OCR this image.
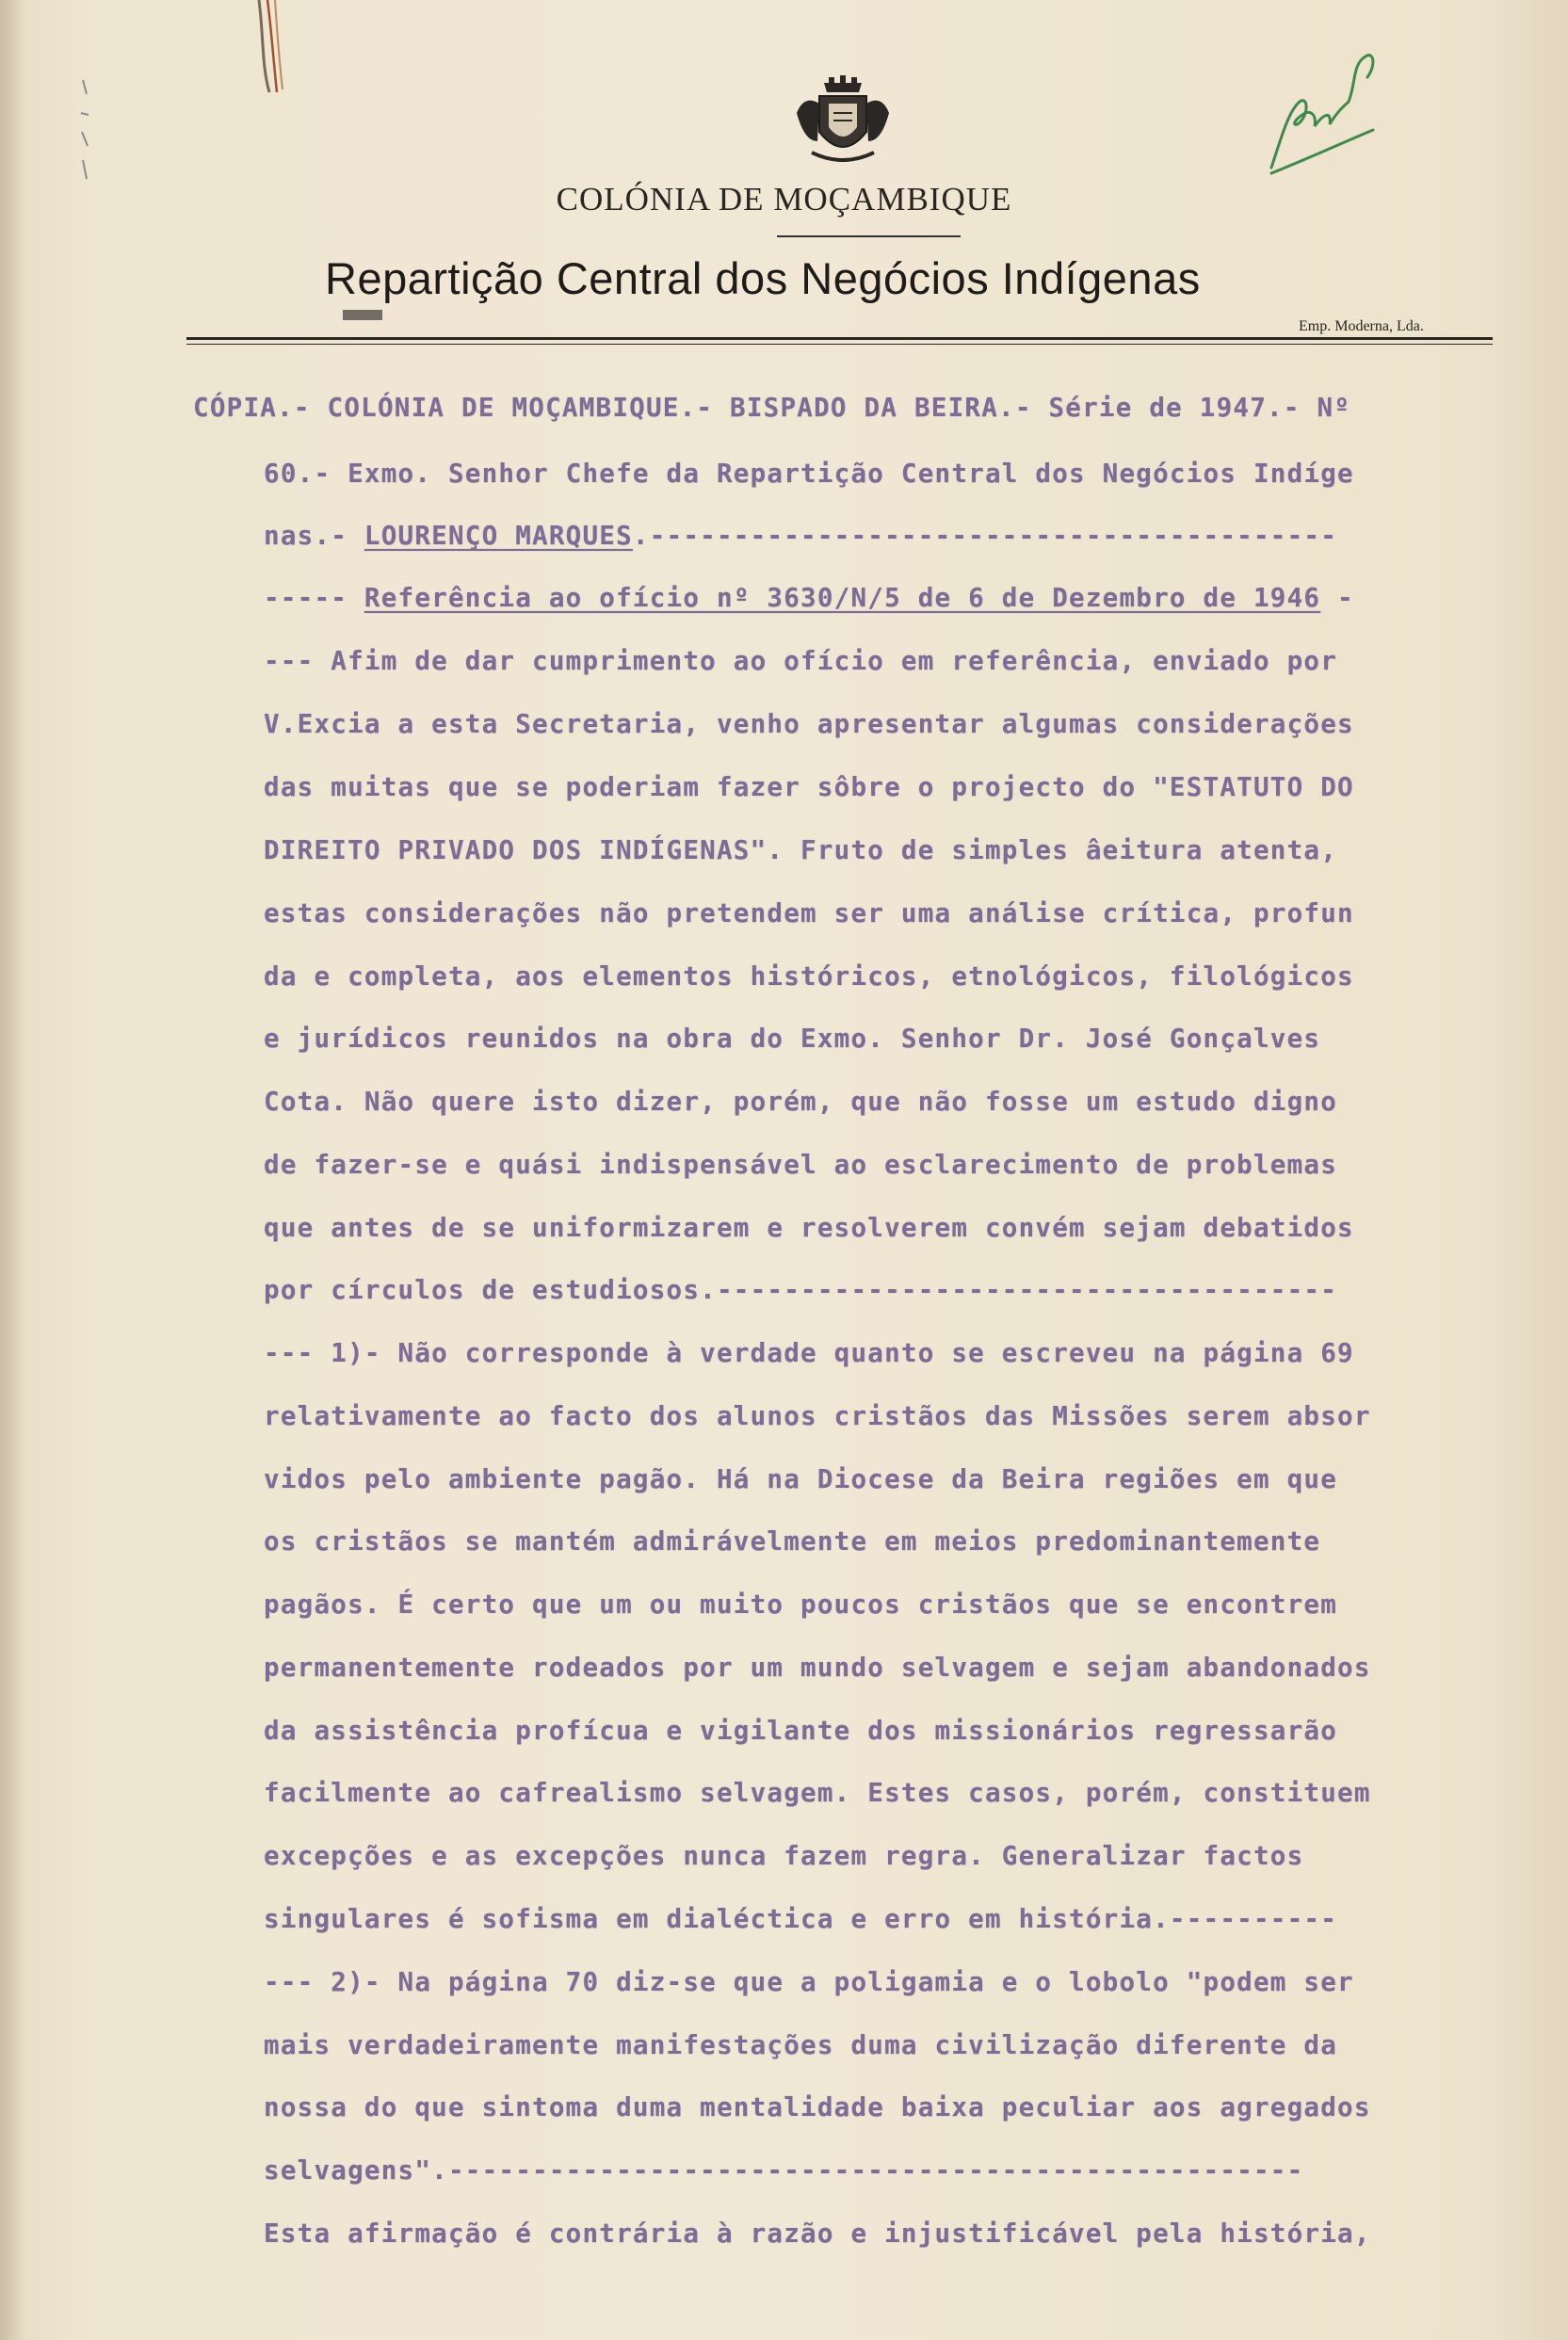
COLÓNIA DE MOÇAMBIQUE
Repartição Central dos Negócios Indígenas
Emp. Moderna, Lda.
CÓPIA.- COLÓNIA DE MOÇAMBIQUE.- BISPADO DA BEIRA.- Série de 1947.- Nº
60.- Exmo. Senhor Chefe da Repartição Central dos Negócios Indíge
nas.- LOURENÇO MARQUES.-----------------------------------------
----- Referência ao ofício nº 3630/N/5 de 6 de Dezembro de 1946 -
--- Afim de dar cumprimento ao ofício em referência, enviado por
V.Excia a esta Secretaria, venho apresentar algumas considerações
das muitas que se poderiam fazer sôbre o projecto do "ESTATUTO DO
DIREITO PRIVADO DOS INDÍGENAS". Fruto de simples âeitura atenta,
estas considerações não pretendem ser uma análise crítica, profun
da e completa, aos elementos históricos, etnológicos, filológicos
e jurídicos reunidos na obra do Exmo. Senhor Dr. José Gonçalves
Cota. Não quere isto dizer, porém, que não fosse um estudo digno
de fazer-se e quási indispensável ao esclarecimento de problemas
que antes de se uniformizarem e resolverem convém sejam debatidos
por círculos de estudiosos.-------------------------------------
--- 1)- Não corresponde à verdade quanto se escreveu na página 69
relativamente ao facto dos alunos cristãos das Missões serem absor
vidos pelo ambiente pagão. Há na Diocese da Beira regiões em que
os cristãos se mantém admirávelmente em meios predominantemente
pagãos. É certo que um ou muito poucos cristãos que se encontrem
permanentemente rodeados por um mundo selvagem e sejam abandonados
da assistência profícua e vigilante dos missionários regressarão
facilmente ao cafrealismo selvagem. Estes casos, porém, constituem
excepções e as excepções nunca fazem regra. Generalizar factos
singulares é sofisma em dialéctica e erro em história.----------
--- 2)- Na página 70 diz-se que a poligamia e o lobolo "podem ser
mais verdadeiramente manifestações duma civilização diferente da
nossa do que sintoma duma mentalidade baixa peculiar aos agregados
selvagens".---------------------------------------------------
Esta afirmação é contrária à razão e injustificável pela história,
